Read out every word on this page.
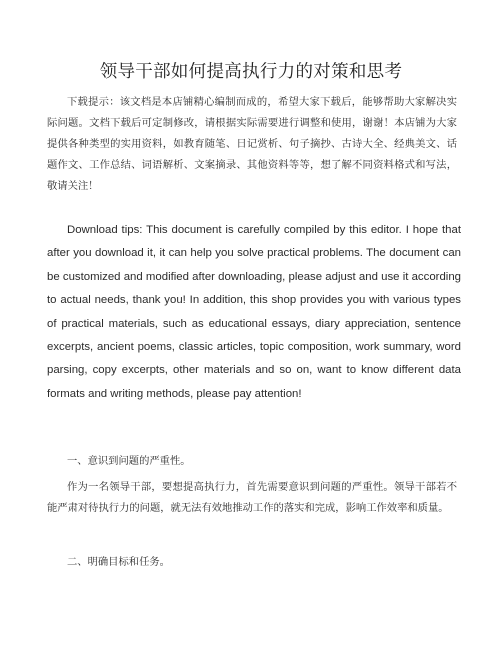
领导干部如何提高执行力的对策和思考

下载提示：该文档是本店铺精心编制而成的，希望大家下载后，能够帮助大家解决实际问题。文档下载后可定制修改，请根据实际需要进行调整和使用，谢谢！本店铺为大家提供各种类型的实用资料，如教育随笔、日记赏析、句子摘抄、古诗大全、经典美文、话题作文、工作总结、词语解析、文案摘录、其他资料等等，想了解不同资料格式和写法，敬请关注！

Download tips: This document is carefully compiled by this editor. I hope that after you download it, it can help you solve practical problems. The document can be customized and modified after downloading, please adjust and use it according to actual needs, thank you! In addition, this shop provides you with various types of practical materials, such as educational essays, diary appreciation, sentence excerpts, ancient poems, classic articles, topic composition, work summary, word parsing, copy excerpts, other materials and so on, want to know different data formats and writing methods, please pay attention!

一、意识到问题的严重性。

作为一名领导干部，要想提高执行力，首先需要意识到问题的严重性。领导干部若不能严肃对待执行力的问题，就无法有效地推动工作的落实和完成，影响工作效率和质量。

二、明确目标和任务。
